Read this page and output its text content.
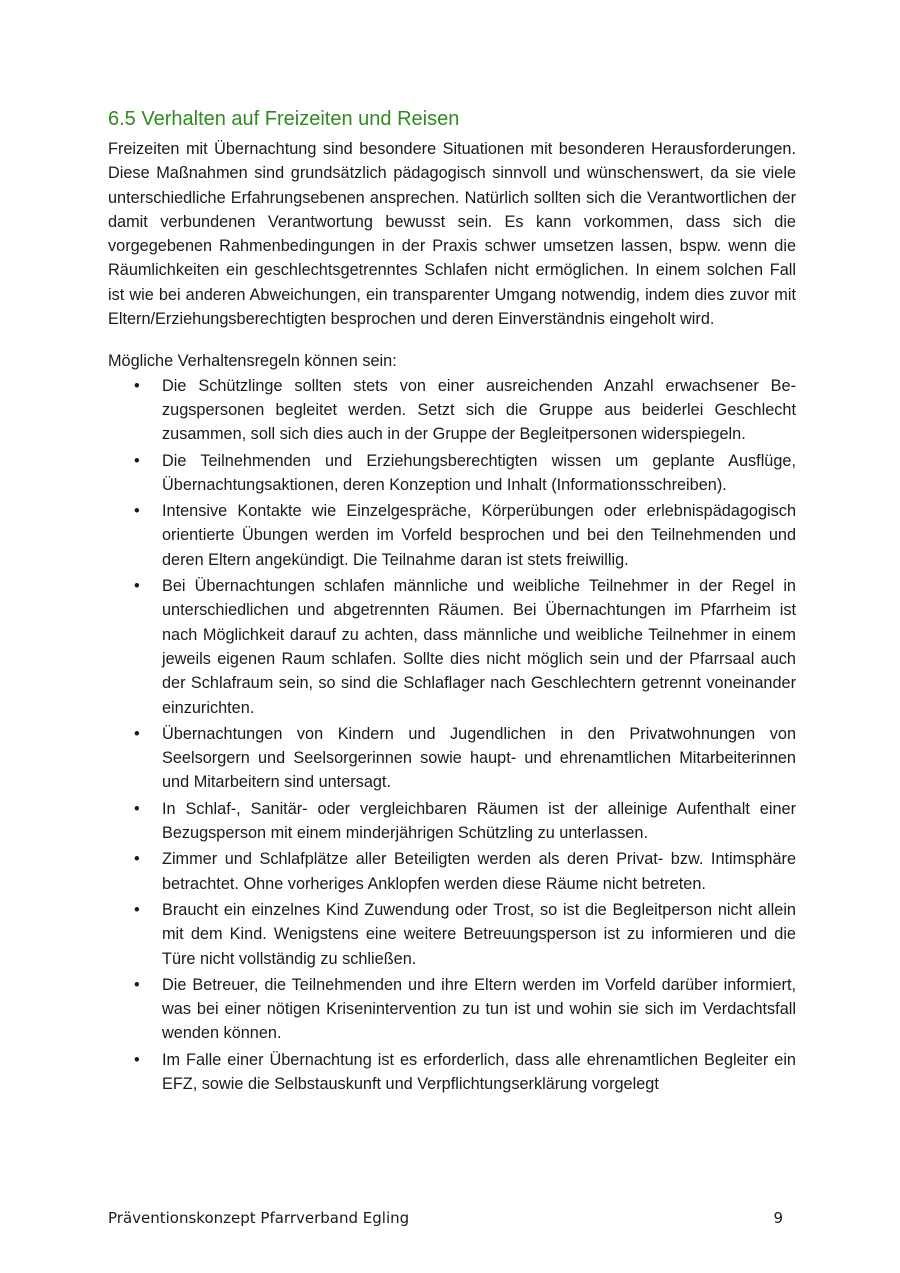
6.5 Verhalten auf Freizeiten und Reisen

Freizeiten mit Übernachtung sind besondere Situationen mit besonderen Herausforderungen. Diese Maßnahmen sind grundsätzlich pädagogisch sinnvoll und wünschenswert, da sie viele unterschiedliche Erfahrungsebenen ansprechen. Natürlich sollten sich die Verantwortlichen der damit verbundenen Verantwortung bewusst sein. Es kann vorkommen, dass sich die vorgegebenen Rahmenbedingungen in der Praxis schwer umsetzen lassen, bspw. wenn die Räumlichkeiten ein geschlechtsgetrenntes Schlafen nicht ermöglichen. In einem solchen Fall ist wie bei anderen Abweichungen, ein transparenter Umgang notwendig, indem dies zuvor mit Eltern/Erziehungsberechtigten besprochen und deren Einverständnis eingeholt wird.

Mögliche Verhaltensregeln können sein:

• Die Schützlinge sollten stets von einer ausreichenden Anzahl erwachsener Bezugspersonen begleitet werden. Setzt sich die Gruppe aus beiderlei Geschlecht zusammen, soll sich dies auch in der Gruppe der Begleitpersonen widerspiegeln.
• Die Teilnehmenden und Erziehungsberechtigten wissen um geplante Ausflüge, Übernachtungsaktionen, deren Konzeption und Inhalt (Informationsschreiben).
• Intensive Kontakte wie Einzelgespräche, Körperübungen oder erlebnispädagogisch orientierte Übungen werden im Vorfeld besprochen und bei den Teilnehmenden und deren Eltern angekündigt. Die Teilnahme daran ist stets freiwillig.
• Bei Übernachtungen schlafen männliche und weibliche Teilnehmer in der Regel in unterschiedlichen und abgetrennten Räumen. Bei Übernachtungen im Pfarrheim ist nach Möglichkeit darauf zu achten, dass männliche und weibliche Teilnehmer in einem jeweils eigenen Raum schlafen. Sollte dies nicht möglich sein und der Pfarrsaal auch der Schlafraum sein, so sind die Schlaflager nach Geschlechtern getrennt voneinander einzurichten.
• Übernachtungen von Kindern und Jugendlichen in den Privatwohnungen von Seelsorgern und Seelsorgerinnen sowie haupt- und ehrenamtlichen Mitarbeiterinnen und Mitarbeitern sind untersagt.
• In Schlaf-, Sanitär- oder vergleichbaren Räumen ist der alleinige Aufenthalt einer Bezugsperson mit einem minderjährigen Schützling zu unterlassen.
• Zimmer und Schlafplätze aller Beteiligten werden als deren Privat- bzw. Intimsphäre betrachtet. Ohne vorheriges Anklopfen werden diese Räume nicht betreten.
• Braucht ein einzelnes Kind Zuwendung oder Trost, so ist die Begleitperson nicht allein mit dem Kind. Wenigstens eine weitere Betreuungsperson ist zu informieren und die Türe nicht vollständig zu schließen.
• Die Betreuer, die Teilnehmenden und ihre Eltern werden im Vorfeld darüber informiert, was bei einer nötigen Krisenintervention zu tun ist und wohin sie sich im Verdachtsfall wenden können.
• Im Falle einer Übernachtung ist es erforderlich, dass alle ehrenamtlichen Begleiter ein EFZ, sowie die Selbstauskunft und Verpflichtungserklärung vorgelegt
Präventionskonzept Pfarrverband Egling	9
